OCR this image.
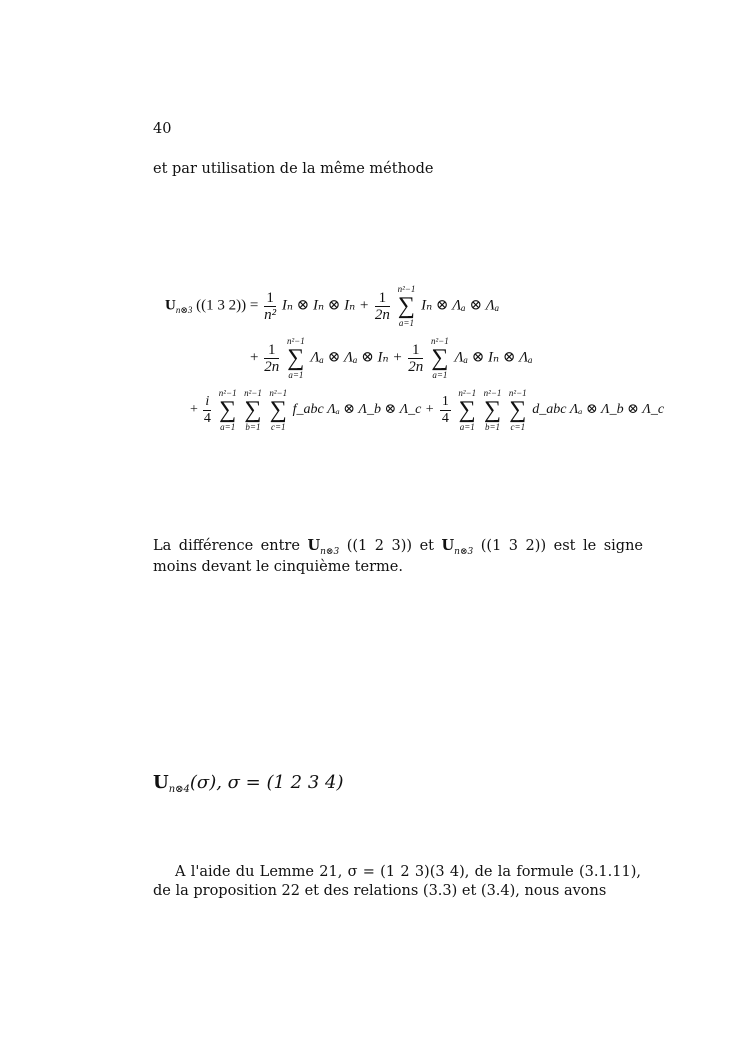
40
et par utilisation de la même méthode
$U_{n\otimes 3}$ ((1 3 $2)) = \frac{1}{\text{n²}}$ Iₙ ⊗ Iₙ ⊗ $I_n + \frac{1}{2n}$

n²−1
∑
a=1
Iₙ ⊗ Λₐ ⊗ Λₐ
+ $\frac{1}{2n}$

n²−1
∑
a=1
Λₐ ⊗ Λₐ ⊗ $I_n + \frac{1}{2n}$

n²−1
∑
a=1
Λₐ ⊗ Iₙ ⊗ Λₐ
+ $\frac{i}{4}$

n²−1
∑
a=1

n²−1
∑
b=1

n²−1
∑
c=1
f_abc Λₐ ⊗ Λ_b ⊗ Λ_c + $\frac{1}{4}$

n²−1
∑
a=1

n²−1
∑
b=1

n²−1
∑
c=1
d_abc Λₐ ⊗ Λ_b ⊗ Λ_c
La différence entre $U_{n\otimes 3}$ ((1 2 3)) et $U_{n\otimes 3}$ ((1 3 2)) est le signe moins devant le cinquième terme.
$U_{n\otimes 4}(\sigma)$, σ = (1 2 3 4)
A l'aide du Lemme 21, σ = (1 2 3)(3 4), de la formule (3.1.11), de la proposition 22 et des relations (3.3) et (3.4), nous avons
